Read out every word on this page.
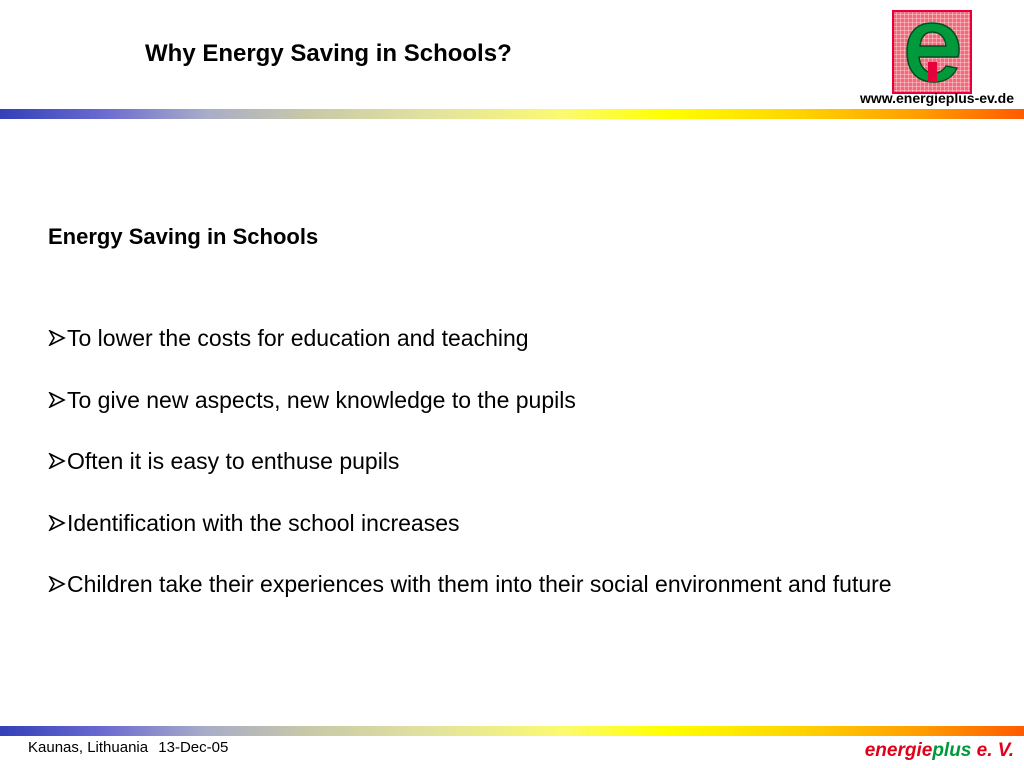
Why Energy Saving in Schools?
www.energieplus-ev.de
Energy Saving in Schools
To lower the costs for education and teaching
To give new aspects, new knowledge to the pupils
Often it is easy to enthuse pupils
Identification with the school increases
Children take their experiences with them into their social environment and future
Kaunas, Lithuania 13-Dec-05	energieplus e. V.
